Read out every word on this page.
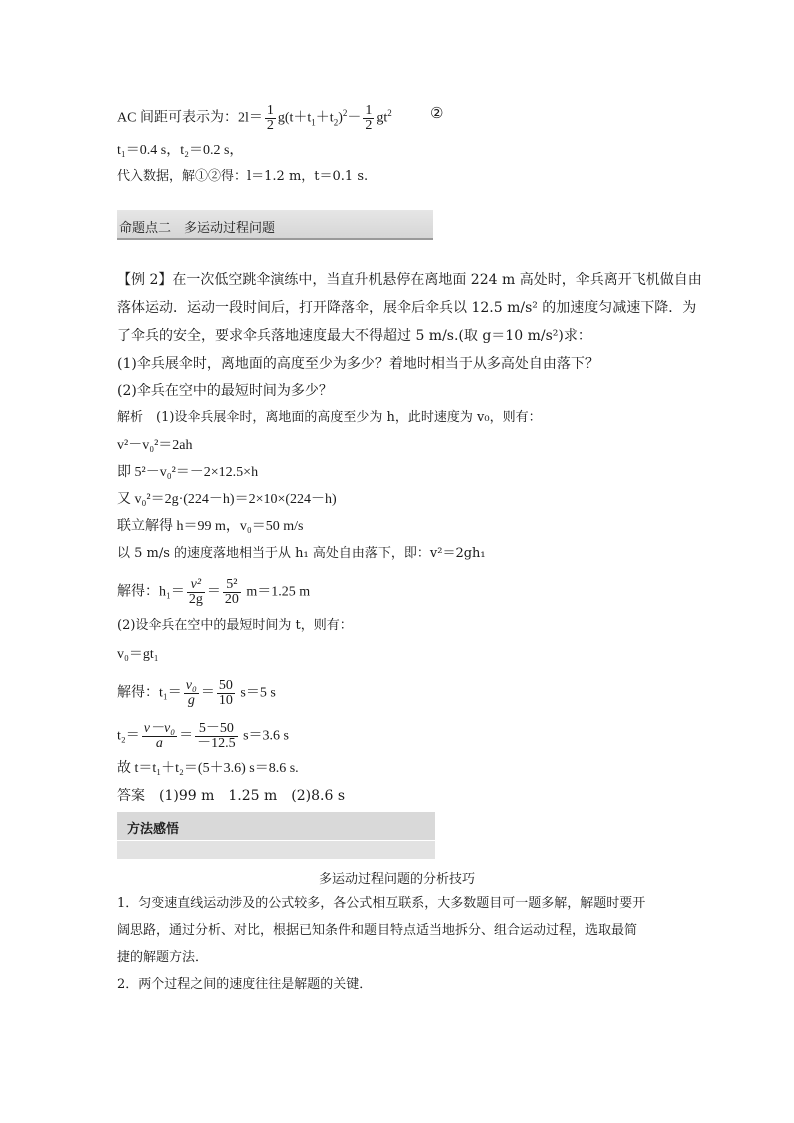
AC 间距可表示为：$2l= \frac{1}{2} g(t+t_1+t_2)^2- \frac{1}{2} gt^2$	②
t₁＝0.4 s，t₂＝0.2 s，
代入数据，解①②得：l＝1.2 m，t＝0.1 s.
命题点二　多运动过程问题
【例 2】在一次低空跳伞演练中，当直升机悬停在离地面 224 m 高处时，伞兵离开飞机做自由
落体运动．运动一段时间后，打开降落伞，展伞后伞兵以 12.5 m/s² 的加速度匀减速下降．为
了伞兵的安全，要求伞兵落地速度最大不得超过 5 m/s.(取 g＝10 m/s²)求：
(1)伞兵展伞时，离地面的高度至少为多少？着地时相当于从多高处自由落下？
(2)伞兵在空中的最短时间为多少？
解析　(1)设伞兵展伞时，离地面的高度至少为 h，此时速度为 v₀，则有：
v²－v₀²＝2ah
即 5²－v₀²＝－2×12.5×h
又 v₀²＝2g·(224－h)＝2×10×(224－h)
联立解得 h＝99 m，v₀＝50 m/s
以 5 m/s 的速度落地相当于从 h₁ 高处自由落下，即：v²＝2gh₁
解得：$h_1= \frac{\text{v²}}{2g} = \frac{\text{5²}}{20} m=1.25$ m
(2)设伞兵在空中的最短时间为 t，则有：
v₀＝gt₁
解得：$t_1= \frac{\text{v₀}}{g} = \frac{50}{10} s=5$ s
$t_2= \frac{\text{v－v₀}}{a} = \frac{5-50}{-12.5} s=3.6$ s
故 t＝t₁＋t₂＝(5＋3.6) s＝8.6 s.
答案　(1)99 m　1.25 m　(2)8.6 s
方法感悟
多运动过程问题的分析技巧
1．匀变速直线运动涉及的公式较多，各公式相互联系，大多数题目可一题多解，解题时要开
阔思路，通过分析、对比，根据已知条件和题目特点适当地拆分、组合运动过程，选取最简
捷的解题方法．
2．两个过程之间的速度往往是解题的关键．
